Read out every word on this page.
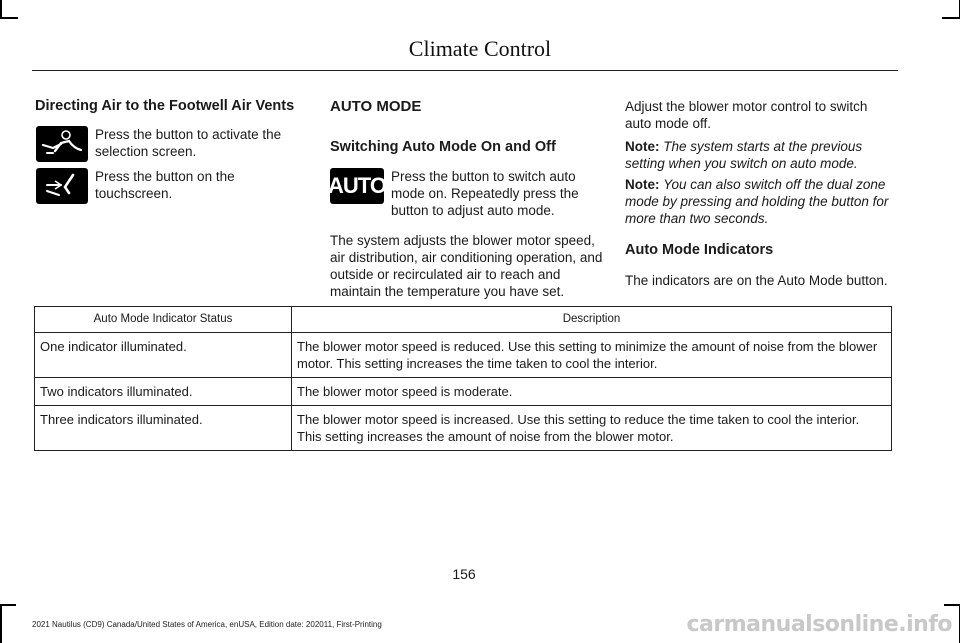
Climate Control
Directing Air to the Footwell Air Vents
Press the button to activate the selection screen.
Press the button on the touchscreen.
AUTO MODE
Switching Auto Mode On and Off
AUTO Press the button to switch auto mode on. Repeatedly press the button to adjust auto mode.
The system adjusts the blower motor speed, air distribution, air conditioning operation, and outside or recirculated air to reach and maintain the temperature you have set.
Adjust the blower motor control to switch auto mode off.
Note: The system starts at the previous setting when you switch on auto mode.
Note: You can also switch off the dual zone mode by pressing and holding the button for more than two seconds.
Auto Mode Indicators
The indicators are on the Auto Mode button.
Auto Mode Indicator Status	Description
One indicator illuminated.	The blower motor speed is reduced. Use this setting to minimize the amount of noise from the blower motor. This setting increases the time taken to cool the interior.
Two indicators illuminated.	The blower motor speed is moderate.
Three indicators illuminated.	The blower motor speed is increased. Use this setting to reduce the time taken to cool the interior. This setting increases the amount of noise from the blower motor.
156
2021 Nautilus (CD9) Canada/United States of America, enUSA, Edition date: 202011, First-Printing	carmanualsonline.info
